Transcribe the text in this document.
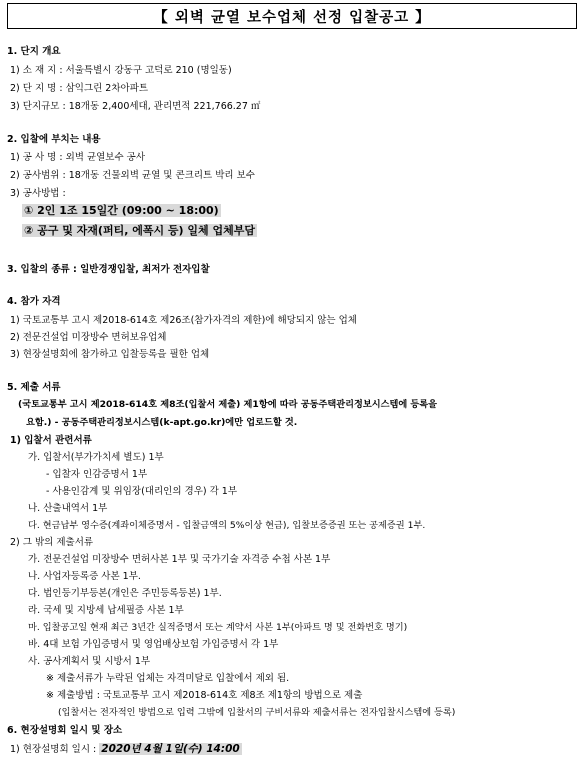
【 외벽 균열 보수업체 선정 입찰공고 】
1. 단지 개요
1) 소 재 지 : 서울특별시 강동구 고덕로 210 (명일동)
2) 단 지 명 : 삼익그린 2차아파트
3) 단지규모 : 18개동 2,400세대, 관리면적 221,766.27 ㎡
2. 입찰에 부치는 내용
1) 공 사 명 : 외벽 균열보수 공사
2) 공사범위 : 18개동 건물외벽 균열 및 콘크리트 박리 보수
3) 공사방법 :
① 2인 1조 15일간 (09:00 ~ 18:00)
② 공구 및 자재(퍼티, 에폭시 등) 일체 업체부담
3. 입찰의 종류 : 일반경쟁입찰, 최저가 전자입찰
4. 참가 자격
1) 국토교통부 고시 제2018-614호 제26조(참가자격의 제한)에 해당되지 않는 업체
2) 전문건설업 미장방수 면허보유업체
3) 현장설명회에 참가하고 입찰등록을 필한 업체
5. 제출 서류
(국토교통부 고시 제2018-614호 제8조(입찰서 제출) 제1항에 따라 공동주택관리정보시스템에 등록을
요함.) - 공동주택관리정보시스템(k-apt.go.kr)에만 업로드할 것.
1) 입찰서 관련서류
가. 입찰서(부가가치세 별도) 1부
- 입찰자 인감증명서 1부
- 사용인감계 및 위임장(대리인의 경우) 각 1부
나. 산출내역서 1부
다. 현금납부 영수증(계좌이체증명서 - 입찰금액의 5%이상 현금), 입찰보증증권 또는 공제증권 1부.
2) 그 밖의 제출서류
가. 전문건설업 미장방수 면허사본 1부 및 국가기술 자격증 수첩 사본 1부
나. 사업자등록증 사본 1부.
다. 법인등기부등본(개인은 주민등록등본) 1부.
라. 국세 및 지방세 납세필증 사본 1부
마. 입찰공고일 현재 최근 3년간 실적증명서 또는 계약서 사본 1부(아파트 명 및 전화번호 명기)
바. 4대 보험 가입증명서 및 영업배상보험 가입증명서 각 1부
사. 공사계획서 및 시방서 1부
※ 제출서류가 누락된 업체는 자격미달로 입찰에서 제외 됨.
※ 제출방법 : 국토교통부 고시 제2018-614호 제8조 제1항의 방법으로 제출
(입찰서는 전자적인 방법으로 입력 그밖에 입찰서의 구비서류와 제출서류는 전자입찰시스템에 등록)
6. 현장설명회 일시 및 장소
1) 현장설명회 일시 : 2020년 4월 1일(수) 14:00
